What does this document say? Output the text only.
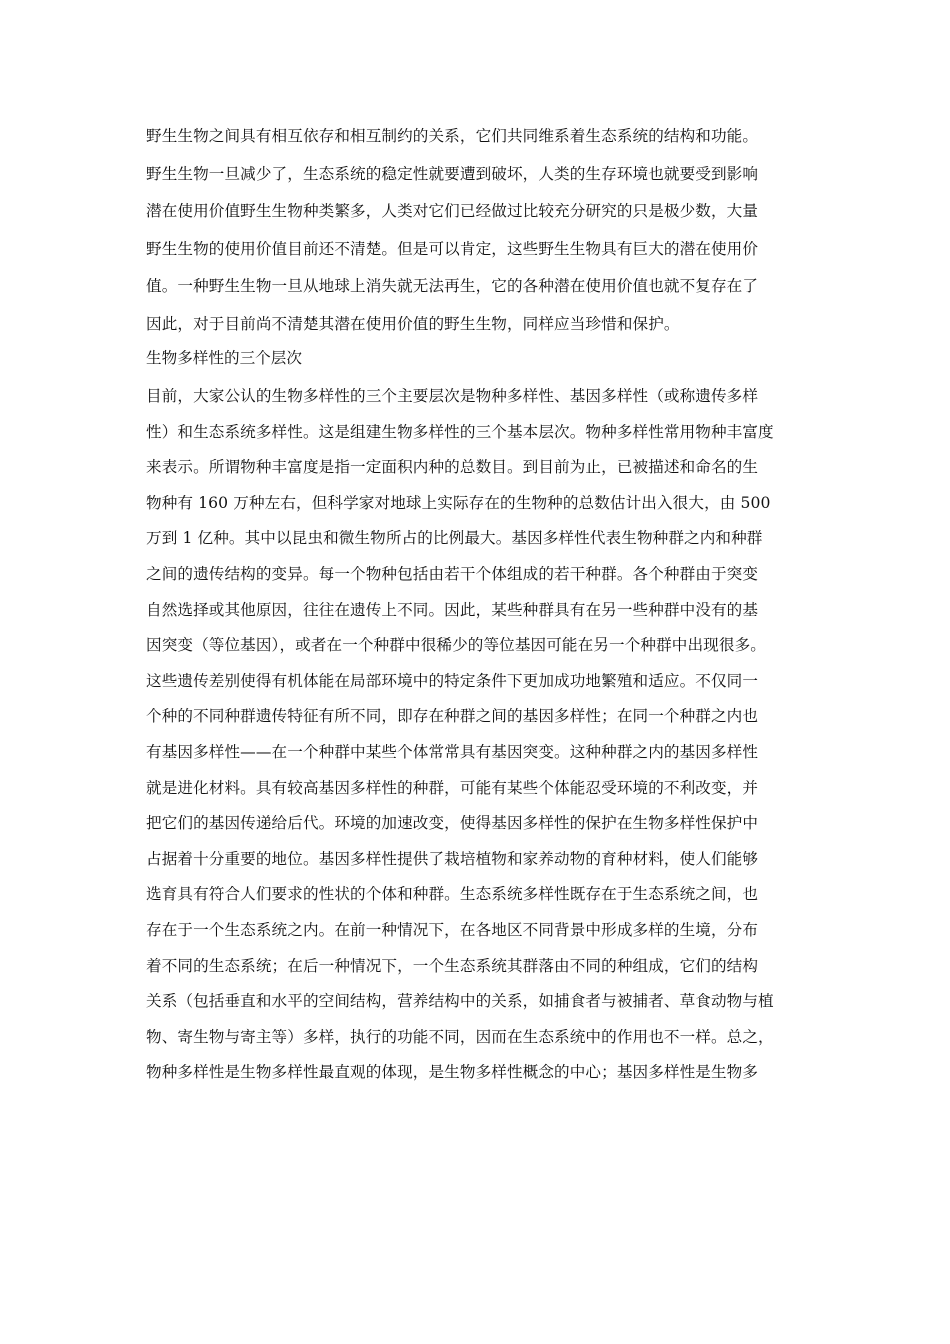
野生生物之间具有相互依存和相互制约的关系，它们共同维系着生态系统的结构和功能。
野生生物一旦减少了，生态系统的稳定性就要遭到破坏，人类的生存环境也就要受到影响
潜在使用价值野生生物种类繁多，人类对它们已经做过比较充分研究的只是极少数，大量
野生生物的使用价值目前还不清楚。但是可以肯定，这些野生生物具有巨大的潜在使用价
值。一种野生生物一旦从地球上消失就无法再生，它的各种潜在使用价值也就不复存在了
因此，对于目前尚不清楚其潜在使用价值的野生生物，同样应当珍惜和保护。
生物多样性的三个层次
目前，大家公认的生物多样性的三个主要层次是物种多样性、基因多样性（或称遗传多样
性）和生态系统多样性。这是组建生物多样性的三个基本层次。物种多样性常用物种丰富度
来表示。所谓物种丰富度是指一定面积内种的总数目。到目前为止，已被描述和命名的生
物种有 160 万种左右，但科学家对地球上实际存在的生物种的总数估计出入很大，由 500
万到 1 亿种。其中以昆虫和微生物所占的比例最大。基因多样性代表生物种群之内和种群
之间的遗传结构的变异。每一个物种包括由若干个体组成的若干种群。各个种群由于突变
自然选择或其他原因，往往在遗传上不同。因此，某些种群具有在另一些种群中没有的基
因突变（等位基因），或者在一个种群中很稀少的等位基因可能在另一个种群中出现很多。
这些遗传差别使得有机体能在局部环境中的特定条件下更加成功地繁殖和适应。不仅同一
个种的不同种群遗传特征有所不同，即存在种群之间的基因多样性；在同一个种群之内也
有基因多样性——在一个种群中某些个体常常具有基因突变。这种种群之内的基因多样性
就是进化材料。具有较高基因多样性的种群，可能有某些个体能忍受环境的不利改变，并
把它们的基因传递给后代。环境的加速改变，使得基因多样性的保护在生物多样性保护中
占据着十分重要的地位。基因多样性提供了栽培植物和家养动物的育种材料，使人们能够
选育具有符合人们要求的性状的个体和种群。生态系统多样性既存在于生态系统之间，也
存在于一个生态系统之内。在前一种情况下，在各地区不同背景中形成多样的生境，分布
着不同的生态系统；在后一种情况下，一个生态系统其群落由不同的种组成，它们的结构
关系（包括垂直和水平的空间结构，营养结构中的关系，如捕食者与被捕者、草食动物与植
物、寄生物与寄主等）多样，执行的功能不同，因而在生态系统中的作用也不一样。总之，
物种多样性是生物多样性最直观的体现，是生物多样性概念的中心；基因多样性是生物多
